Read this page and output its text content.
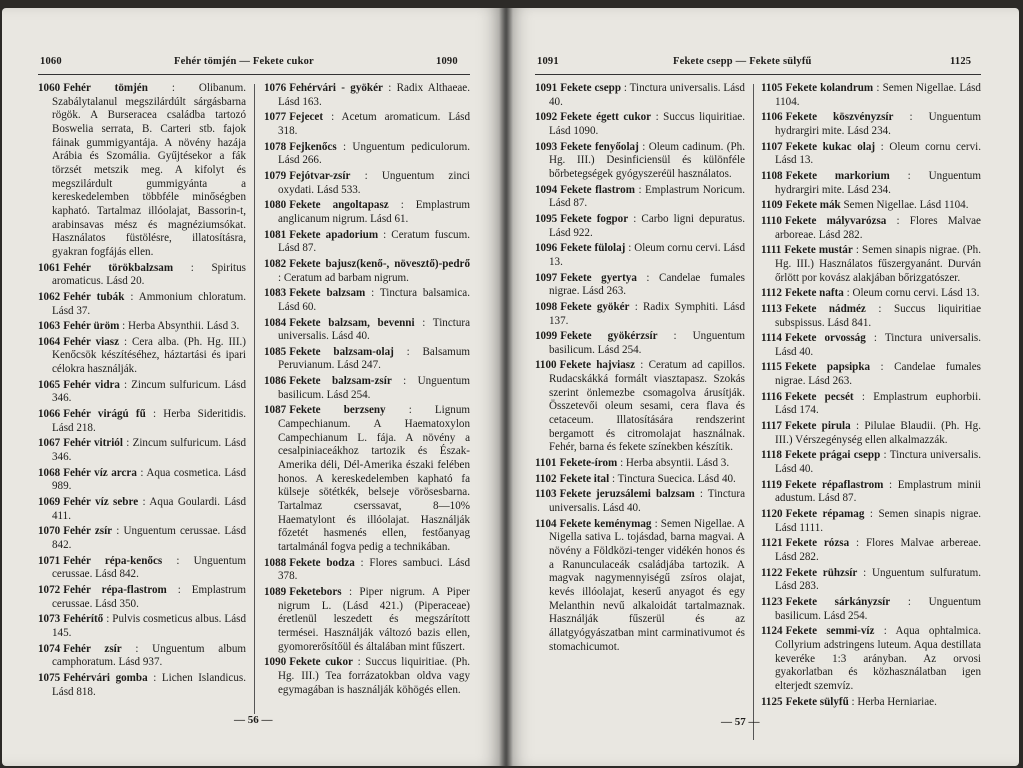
1060	Fehér tömjén — Fekete cukor	1090
1060 Fehér tömjén : Olibanum. Szabálytalanul megszilárdúlt sárgásbarna rögök. A Burseracea családba tartozó Boswelia serrata, B. Carteri stb. fajok fáinak gummigyantája. A növény hazája Arábia és Szomália. Gyűjtésekor a fák törzsét metszik meg. A kifolyt és megszilárdult gummigyánta a kereskedelemben többféle minőségben kapható. Tartalmaz illóolajat, Bassorin-t, arabinsavas mész és magnéziumsókat. Használatos füstölésre, illatosításra, gyakran fogfájás ellen.
1061 Fehér törökbalzsam : Spiritus aromaticus. Lásd 20.
1062 Fehér tubák : Ammonium chloratum. Lásd 37.
1063 Fehér üröm : Herba Absynthii. Lásd 3.
1064 Fehér viasz : Cera alba. (Ph. Hg. III.) Kenőcsök készítéséhez, háztartási és ipari célokra használják.
1065 Fehér vidra : Zincum sulfuricum. Lásd 346.
1066 Fehér virágú fű : Herba Sideritidis. Lásd 218.
1067 Fehér vitriól : Zincum sulfuricum. Lásd 346.
1068 Fehér víz arcra : Aqua cosmetica. Lásd 989.
1069 Fehér víz sebre : Aqua Goulardi. Lásd 411.
1070 Fehér zsír : Unguentum cerussae. Lásd 842.
1071 Fehér répa-kenőcs : Unguentum cerussae. Lásd 842.
1072 Fehér répa-flastrom : Emplastrum cerussae. Lásd 350.
1073 Fehérítő : Pulvis cosmeticus albus. Lásd 145.
1074 Fehér zsír : Unguentum album camphoratum. Lásd 937.
1075 Fehérvári gomba : Lichen Islandicus. Lásd 818.
1076 Fehérvári - gyökér : Radix Althaeae. Lásd 163.
1077 Fejecet : Acetum aromaticum. Lásd 318.
1078 Fejkenőcs : Unguentum pediculorum. Lásd 266.
1079 Fejótvar-zsír : Unguentum zinci oxydati. Lásd 533.
1080 Fekete angoltapasz : Emplastrum anglicanum nigrum. Lásd 61.
1081 Fekete apadorium : Ceratum fuscum. Lásd 87.
1082 Fekete bajusz(kenő-, növesztő)-pedrő : Ceratum ad barbam nigrum.
1083 Fekete balzsam : Tinctura balsamica. Lásd 60.
1084 Fekete balzsam, bevenni : Tinctura universalis. Lásd 40.
1085 Fekete balzsam-olaj : Balsamum Peruvianum. Lásd 247.
1086 Fekete balzsam-zsír : Unguentum basilicum. Lásd 254.
1087 Fekete berzseny : Lignum Campechianum. A Haematoxylon Campechianum L. fája. A növény a cesalpiniaceákhoz tartozik és Észak-Amerika déli, Dél-Amerika északi felében honos. A kereskedelemben kapható fa külseje sötétkék, belseje vörösesbarna. Tartalmaz cserssavat, 8—10% Haematylont és illóolajat. Használják főzetét hasmenés ellen, festőanyag tartalmánál fogva pedig a technikában.
1088 Fekete bodza : Flores sambuci. Lásd 378.
1089 Feketebors : Piper nigrum. A Piper nigrum L. (Lásd 421.) (Piperaceae) éretlenül leszedett és megszárított termései. Használják változó bazis ellen, gyomorerősítőül és általában mint fűszert.
1090 Fekete cukor : Succus liquiritiae. (Ph. Hg. III.) Tea forrázatokban oldva vagy egymagában is használják köhögés ellen.
— 56 —
1091	Fekete csepp — Fekete sülyfű	1125
1091 Fekete csepp : Tinctura universalis. Lásd 40.
1092 Fekete égett cukor : Succus liquiritiae. Lásd 1090.
1093 Fekete fenyőolaj : Oleum cadinum. (Ph. Hg. III.) Desinficiensül és különféle bőrbetegségek gyógyszeréül használatos.
1094 Fekete flastrom : Emplastrum Noricum. Lásd 87.
1095 Fekete fogpor : Carbo ligni depuratus. Lásd 922.
1096 Fekete fülolaj : Oleum cornu cervi. Lásd 13.
1097 Fekete gyertya : Candelae fumales nigrae. Lásd 263.
1098 Fekete gyökér : Radix Symphiti. Lásd 137.
1099 Fekete gyökérzsír : Unguentum basilicum. Lásd 254.
1100 Fekete hajviasz : Ceratum ad capillos. Rudacskákká formált viasztapasz. Szokás szerint önlemezbe csomagolva árusítják. Összetevői oleum sesami, cera flava és cetaceum. Illatosítására rendszerint bergamott és citromolajat használnak. Fehér, barna és fekete színekben készítik.
1101 Fekete-írom : Herba absyntii. Lásd 3.
1102 Fekete ital : Tinctura Suecica. Lásd 40.
1103 Fekete jeruzsálemi balzsam : Tinctura universalis. Lásd 40.
1104 Fekete keménymag : Semen Nigellae. A Nigella sativa L. tojásdad, barna magvai. A növény a Földközi-tenger vidékén honos és a Ranunculaceák családjába tartozik. A magvak nagymennyiségű zsíros olajat, kevés illóolajat, keserű anyagot és egy Melanthin nevű alkaloidát tartalmaznak. Használják fűszerül és az állatgyógyászatban mint carminativumot és stomachicumot.
1105 Fekete kolandrum : Semen Nigellae. Lásd 1104.
1106 Fekete köszvényzsír : Unguentum hydrargiri mite. Lásd 234.
1107 Fekete kukac olaj : Oleum cornu cervi. Lásd 13.
1108 Fekete markorium : Unguentum hydrargiri mite. Lásd 234.
1109 Fekete mák Semen Nigellae. Lásd 1104.
1110 Fekete mályvarózsa : Flores Malvae arboreae. Lásd 282.
1111 Fekete mustár : Semen sinapis nigrae. (Ph. Hg. III.) Használatos fűszergyanánt. Durván őrlött por kovász alakjában bőrizgatószer.
1112 Fekete nafta : Oleum cornu cervi. Lásd 13.
1113 Fekete nádméz : Succus liquiritiae subspissus. Lásd 841.
1114 Fekete orvosság : Tinctura universalis. Lásd 40.
1115 Fekete papsipka : Candelae fumales nigrae. Lásd 263.
1116 Fekete pecsét : Emplastrum euphorbii. Lásd 174.
1117 Fekete pirula : Pilulae Blaudii. (Ph. Hg. III.) Vérszegénység ellen alkalmazzák.
1118 Fekete prágai csepp : Tinctura universalis. Lásd 40.
1119 Fekete répaflastrom : Emplastrum minii adustum. Lásd 87.
1120 Fekete répamag : Semen sinapis nigrae. Lásd 1111.
1121 Fekete rózsa : Flores Malvae arbereae. Lásd 282.
1122 Fekete rühzsír : Unguentum sulfuratum. Lásd 283.
1123 Fekete sárkányzsír : Unguentum basilicum. Lásd 254.
1124 Fekete semmi-víz : Aqua ophtalmica. Collyrium adstringens luteum. Aqua destillata keveréke 1:3 arányban. Az orvosi gyakorlatban és közhasználatban igen elterjedt szemvíz.
1125 Fekete sülyfű : Herba Herniariae.
— 57 —
